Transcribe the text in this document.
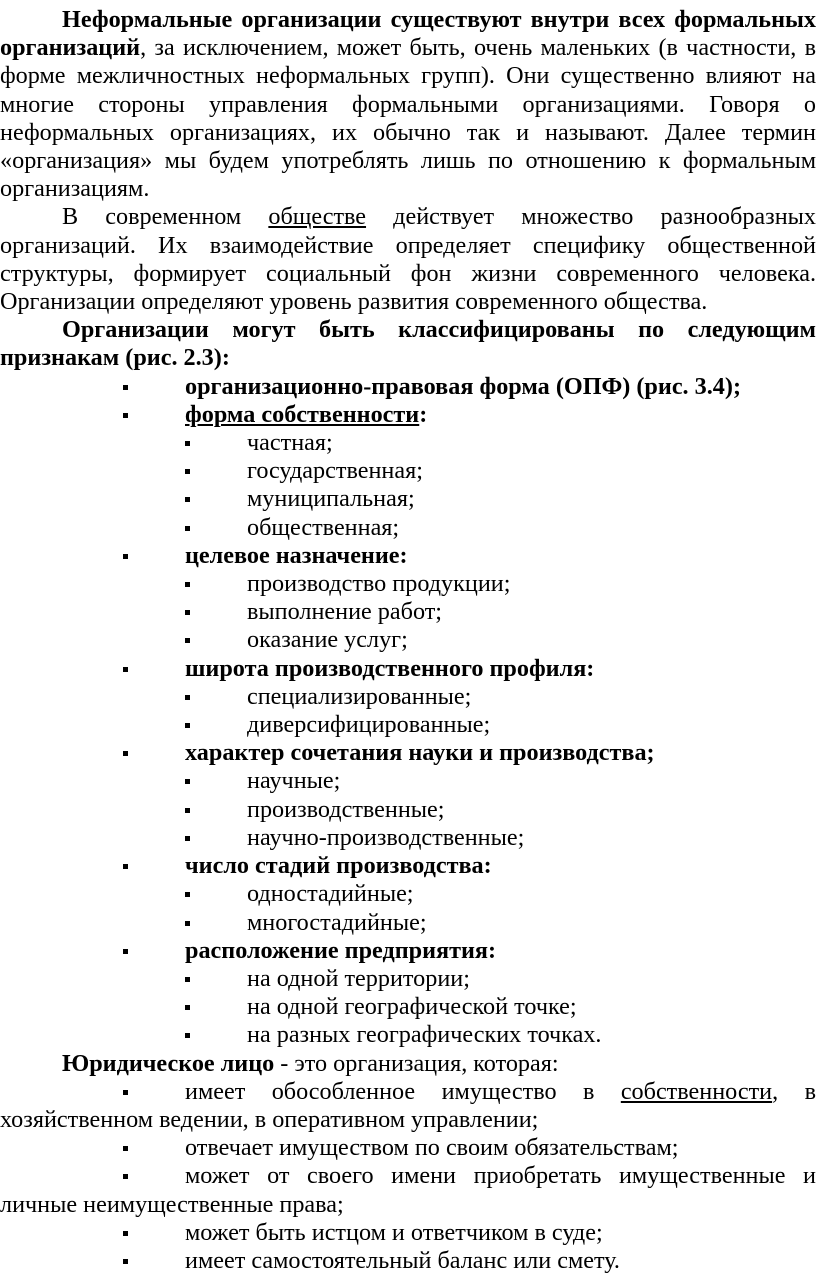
Неформальные организации существуют внутри всех формальных организаций, за исключением, может быть, очень маленьких (в частности, в форме межличностных неформальных групп). Они существенно влияют на многие стороны управления формальными организациями. Говоря о неформальных организациях, их обычно так и называют. Далее термин «организация» мы будем употреблять лишь по отношению к формальным организациям.

В современном обществе действует множество разнообразных организаций. Их взаимодействие определяет специфику общественной структуры, формирует социальный фон жизни современного человека. Организации определяют уровень развития современного общества.

Организации могут быть классифицированы по следующим признакам (рис. 2.3):

организационно-правовая форма (ОПФ) (рис. 3.4);

форма собственности:

частная;

государственная;

муниципальная;

общественная;

целевое назначение:

производство продукции;

выполнение работ;

оказание услуг;

широта производственного профиля:

специализированные;

диверсифицированные;

характер сочетания науки и производства;

научные;

производственные;

научно-производственные;

число стадий производства:

одностадийные;

многостадийные;

расположение предприятия:

на одной территории;

на одной географической точке;

на разных географических точках.

Юридическое лицо - это организация, которая:

имеет обособленное имущество в собственности, в хозяйственном ведении, в оперативном управлении;

отвечает имуществом по своим обязательствам;

может от своего имени приобретать имущественные и личные неимущественные права;

может быть истцом и ответчиком в суде;

имеет самостоятельный баланс или смету.
